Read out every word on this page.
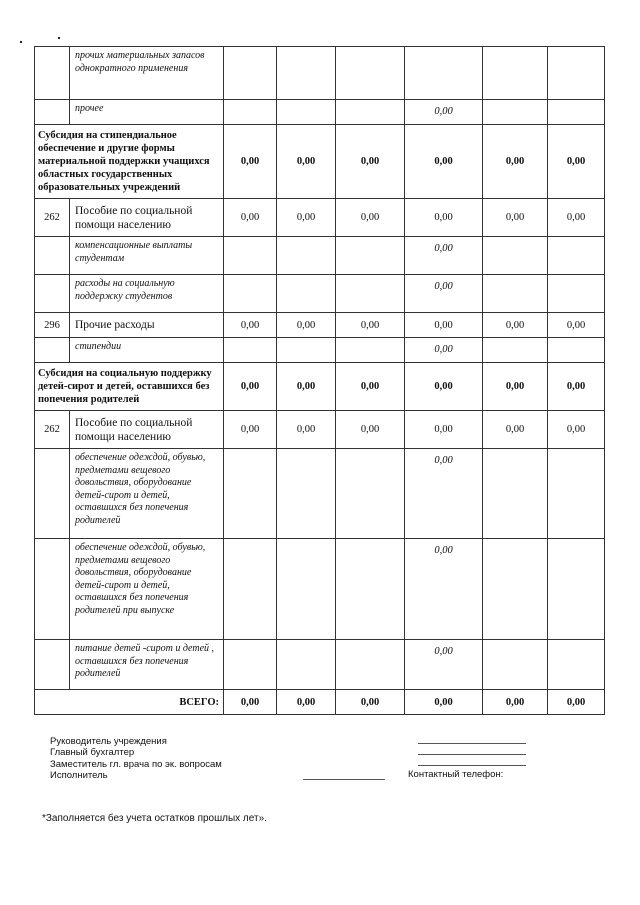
	прочих материальных запасов однократного применения						
	прочее				0,00		
Субсидия на стипендиальное обеспечение и другие формы материальной поддержки учащихся областных государственных образовательных учреждений		0,00	0,00	0,00	0,00	0,00	0,00
262	Пособие по социальной помощи населению	0,00	0,00	0,00	0,00	0,00	0,00
	компенсационные выплаты студентам				0,00		
	расходы на социальную поддержку студентов				0,00		
296	Прочие расходы	0,00	0,00	0,00	0,00	0,00	0,00
	стипендии				0,00		
Субсидия на социальную поддержку детей-сирот и детей, оставшихся без попечения родителей		0,00	0,00	0,00	0,00	0,00	0,00
262	Пособие по социальной помощи населению	0,00	0,00	0,00	0,00	0,00	0,00
	обеспечение одеждой, обувью, предметами вещевого довольствия, оборудование детей-сирот и детей, оставшихся без попечения родителей				0,00		
	обеспечение одеждой, обувью, предметами вещевого довольствия, оборудование детей-сирот и детей, оставшихся без попечения родителей при выпуске				0,00		
	питание детей -сирот и детей , оставшихся без попечения родителей				0,00		
ВСЕГО:		0,00	0,00	0,00	0,00	0,00	0,00
Руководитель учреждения
Главный бухгалтер
Заместитель гл. врача по эк. вопросам
Исполнитель	Контактный телефон:
*Заполняется без учета остатков прошлых лет».
